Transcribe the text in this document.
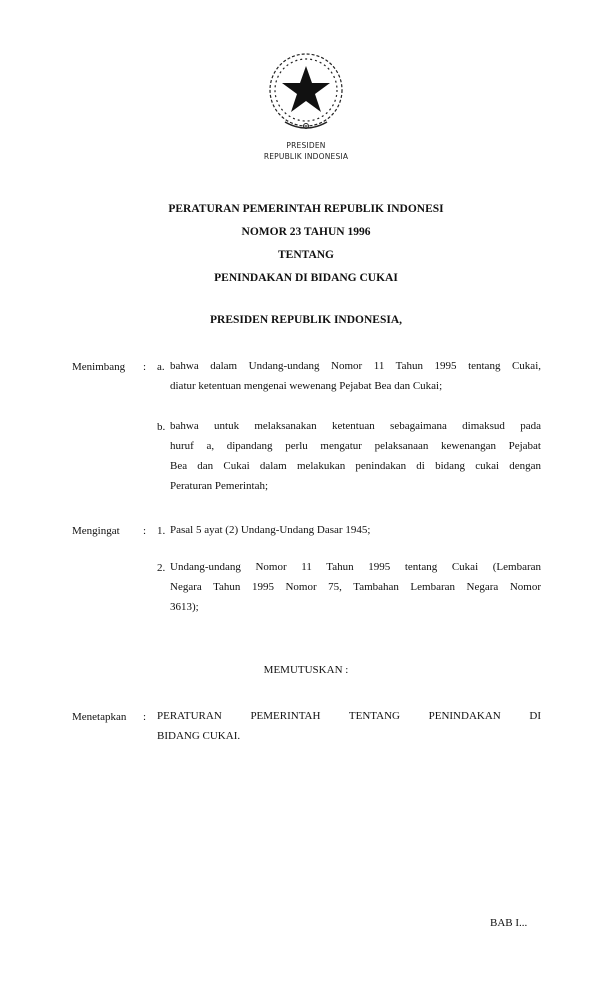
PRESIDEN
REPUBLIK INDONESIA
PERATURAN PEMERINTAH REPUBLIK INDONESI
NOMOR 23 TAHUN 1996
TENTANG
PENINDAKAN DI BIDANG CUKAI
PRESIDEN REPUBLIK INDONESIA,
Menimbang : a. bahwa dalam Undang-undang Nomor 11 Tahun 1995 tentang Cukai,
diatur ketentuan mengenai wewenang Pejabat Bea dan Cukai;
b. bahwa untuk melaksanakan ketentuan sebagaimana dimaksud pada
huruf a, dipandang perlu mengatur pelaksanaan kewenangan Pejabat
Bea dan Cukai dalam melakukan penindakan di bidang cukai dengan
Peraturan Pemerintah;
Mengingat : 1. Pasal 5 ayat (2) Undang-Undang Dasar 1945;
2. Undang-undang Nomor 11 Tahun 1995 tentang Cukai (Lembaran
Negara Tahun 1995 Nomor 75, Tambahan Lembaran Negara Nomor
3613);
MEMUTUSKAN :
Menetapkan : PERATURAN PEMERINTAH TENTANG PENINDAKAN DI
BIDANG CUKAI.
BAB I...
